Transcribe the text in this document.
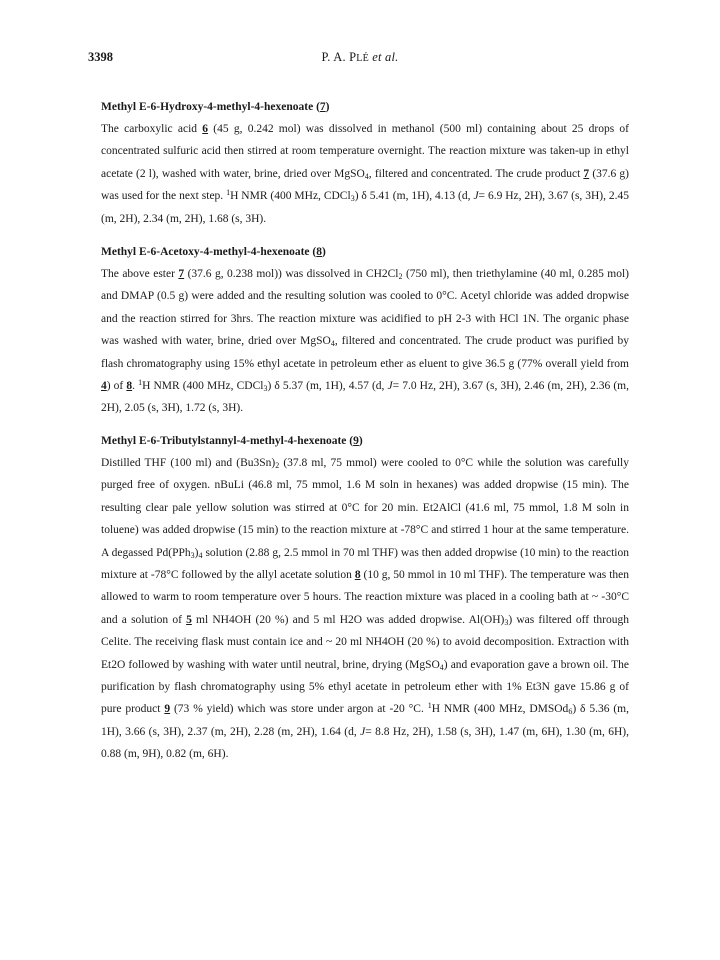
3398	P. A. PLÉ et al.
Methyl E-6-Hydroxy-4-methyl-4-hexenoate (7)

The carboxylic acid 6 (45 g, 0.242 mol) was dissolved in methanol (500 ml) containing about 25 drops of concentrated sulfuric acid then stirred at room temperature overnight. The reaction mixture was taken-up in ethyl acetate (2 l), washed with water, brine, dried over MgSO$_4$, filtered and concentrated. The crude product 7 (37.6 g) was used for the next step. $^1$H NMR (400 MHz, CDCl$_3$) δ 5.41 (m, 1H), 4.13 (d, J= 6.9 Hz, 2H), 3.67 (s, 3H), 2.45 (m, 2H), 2.34 (m, 2H), 1.68 (s, 3H).

Methyl E-6-Acetoxy-4-methyl-4-hexenoate (8)

The above ester 7 (37.6 g, 0.238 mol)) was dissolved in $CH2Cl_2$ (750 ml), then triethylamine (40 ml, 0.285 mol) and DMAP (0.5 g) were added and the resulting solution was cooled to 0°C. Acetyl chloride was added dropwise and the reaction stirred for 3hrs. The reaction mixture was acidified to pH 2-3 with HCl 1N. The organic phase was washed with water, brine, dried over MgSO$_4$, filtered and concentrated. The crude product was purified by flash chromatography using 15% ethyl acetate in petroleum ether as eluent to give 36.5 g (77% overall yield from 4) of 8. $^1$H NMR (400 MHz, CDCl$_3$) δ 5.37 (m, 1H), 4.57 (d, J= 7.0 Hz, 2H), 3.67 (s, 3H), 2.46 (m, 2H), 2.36 (m, 2H), 2.05 (s, 3H), 1.72 (s, 3H).

Methyl E-6-Tributylstannyl-4-methyl-4-hexenoate (9)

Distilled THF (100 ml) and $(Bu3Sn)_2$ (37.8 ml, 75 mmol) were cooled to 0°C while the solution was carefully purged free of oxygen. nBuLi (46.8 ml, 75 mmol, 1.6 M soln in hexanes) was added dropwise (15 min). The resulting clear pale yellow solution was stirred at 0°C for 20 min. Et2AlCl (41.6 ml, 75 mmol, 1.8 M soln in toluene) was added dropwise (15 min) to the reaction mixture at -78°C and stirred 1 hour at the same temperature. A degassed $Pd(PPh_3)_4$ solution (2.88 g, 2.5 mmol in 70 ml THF) was then added dropwise (10 min) to the reaction mixture at -78°C followed by the allyl acetate solution 8 (10 g, 50 mmol in 10 ml THF). The temperature was then allowed to warm to room temperature over 5 hours. The reaction mixture was placed in a cooling bath at ~ -30°C and a solution of 5 ml NH4OH (20 %) and 5 ml H2O was added dropwise. $Al(OH)_3$) was filtered off through Celite. The receiving flask must contain ice and ~ 20 ml NH4OH (20 %) to avoid decomposition. Extraction with Et2O followed by washing with water until neutral, brine, drying (MgSO$_4$) and evaporation gave a brown oil. The purification by flash chromatography using 5% ethyl acetate in petroleum ether with 1% Et3N gave 15.86 g of pure product 9 (73 % yield) which was store under argon at -20 °C. $^1$H NMR (400 MHz, DMSOd$_6$) δ 5.36 (m, 1H), 3.66 (s, 3H), 2.37 (m, 2H), 2.28 (m, 2H), 1.64 (d, J= 8.8 Hz, 2H), 1.58 (s, 3H), 1.47 (m, 6H), 1.30 (m, 6H), 0.88 (m, 9H), 0.82 (m, 6H).
